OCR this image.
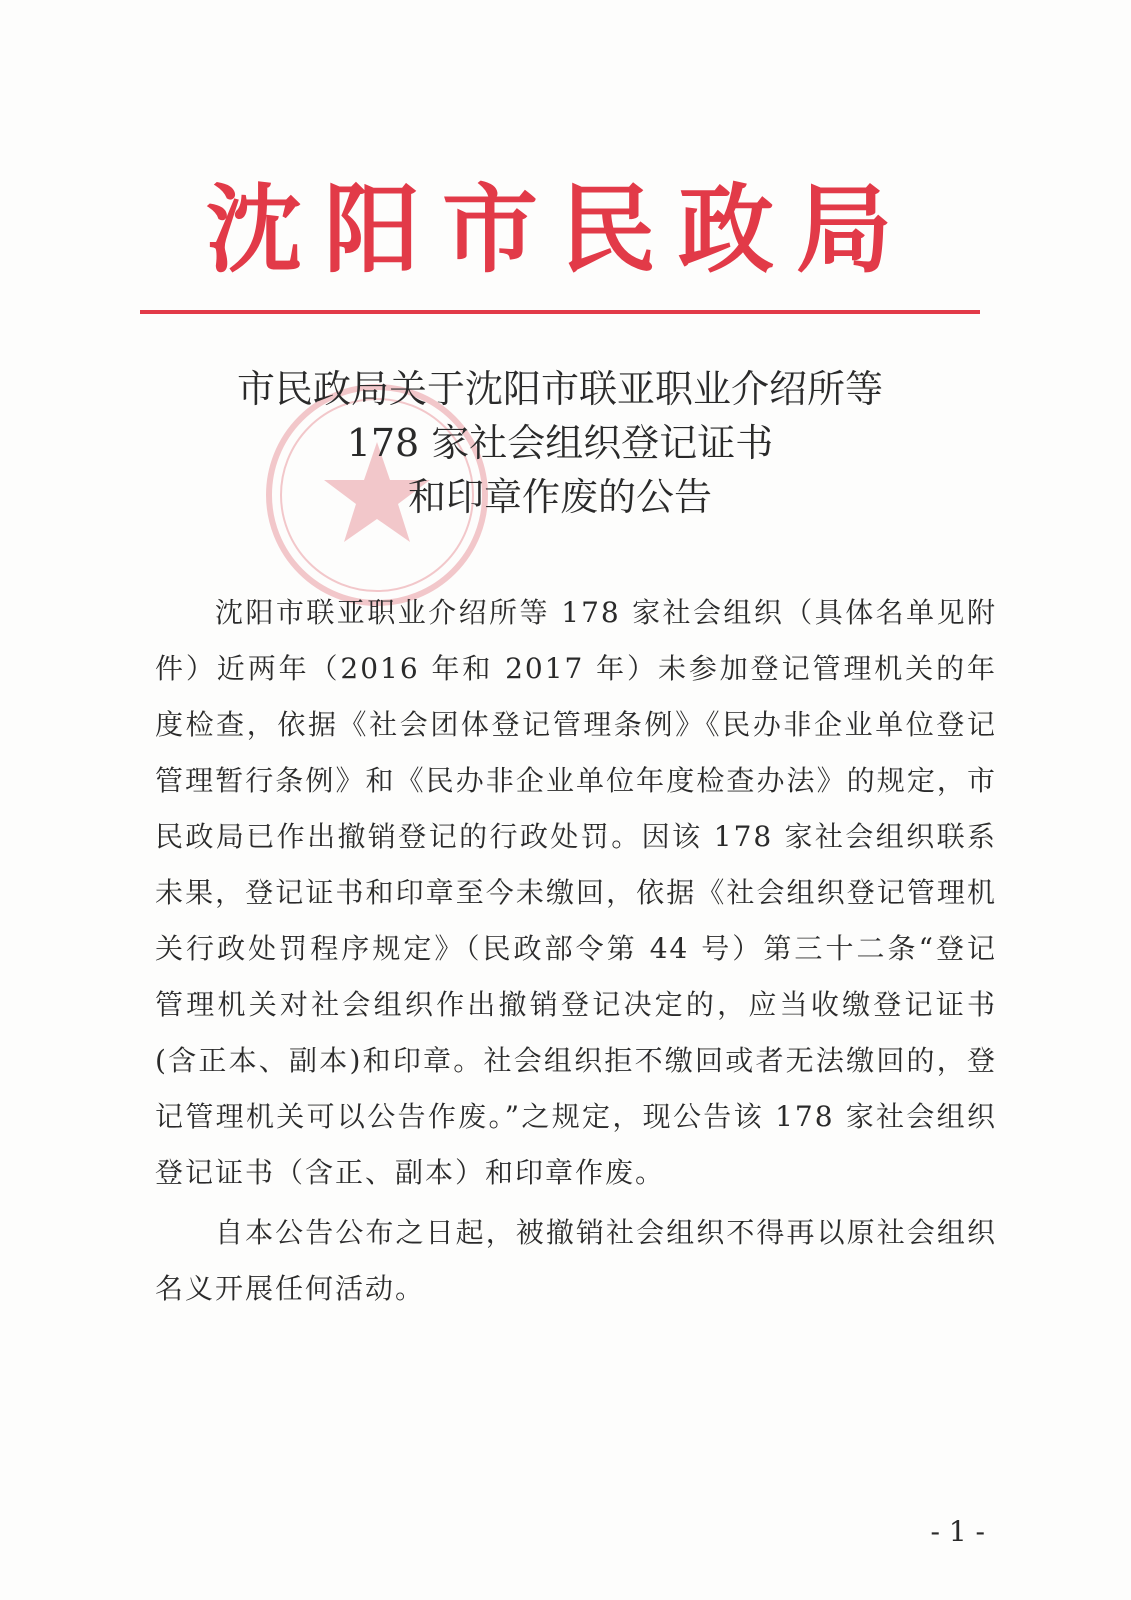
沈阳市民政局
市民政局关于沈阳市联亚职业介绍所等
178 家社会组织登记证书
和印章作废的公告

沈阳市联亚职业介绍所等 178 家社会组织（具体名单见附件）近两年（2016 年和 2017 年）未参加登记管理机关的年度检查，依据《社会团体登记管理条例》《民办非企业单位登记管理暂行条例》和《民办非企业单位年度检查办法》的规定，市民政局已作出撤销登记的行政处罚。因该 178 家社会组织联系未果，登记证书和印章至今未缴回，依据《社会组织登记管理机关行政处罚程序规定》（民政部令第 44 号）第三十二条“登记管理机关对社会组织作出撤销登记决定的，应当收缴登记证书(含正本、副本)和印章。社会组织拒不缴回或者无法缴回的，登记管理机关可以公告作废。”之规定，现公告该 178 家社会组织登记证书（含正、副本）和印章作废。

自本公告公布之日起，被撤销社会组织不得再以原社会组织名义开展任何活动。

- 1 -
